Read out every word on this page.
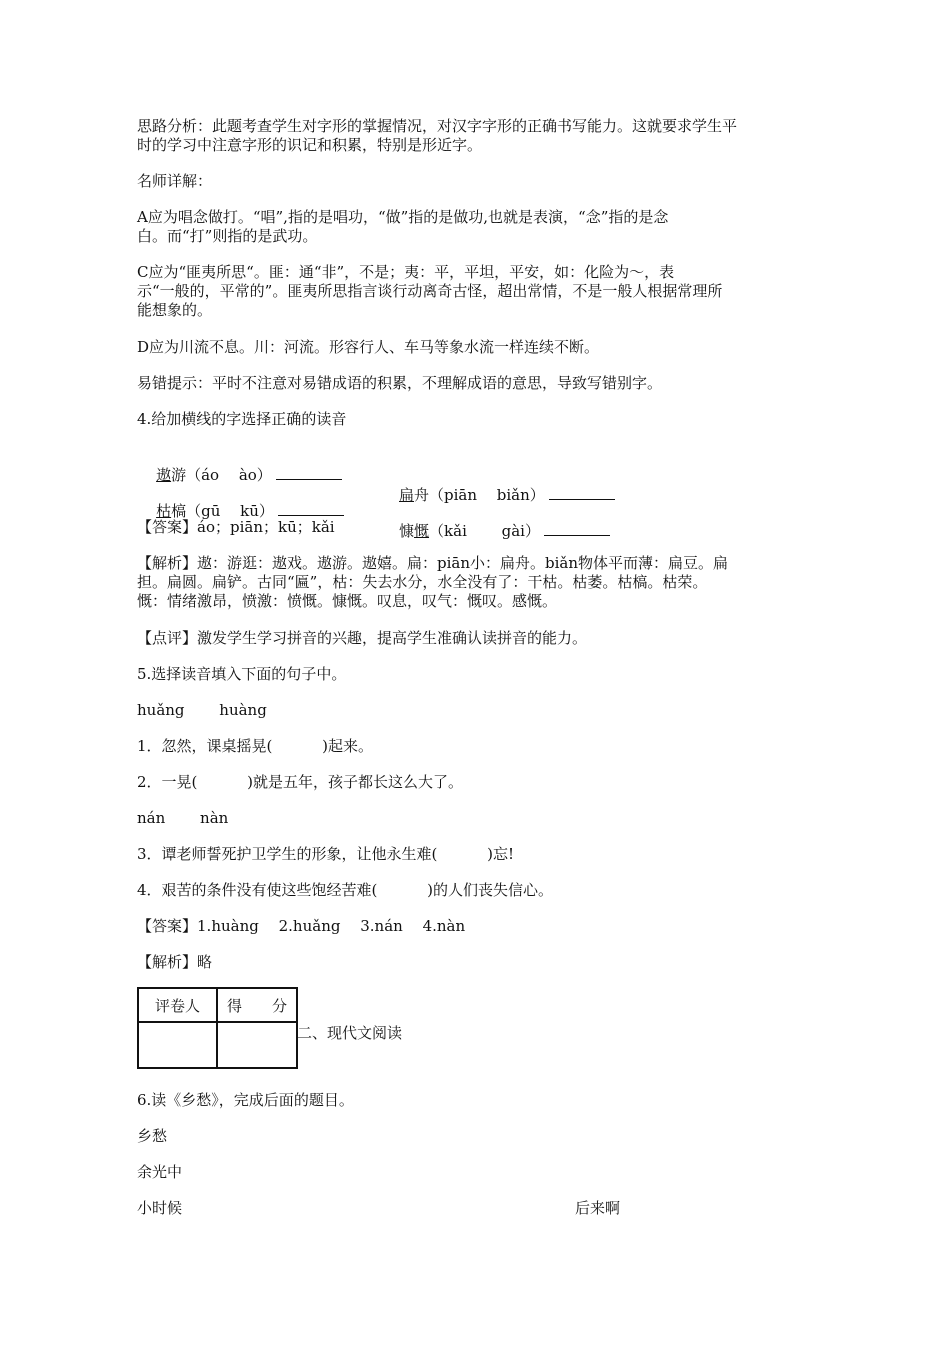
思路分析：此题考查学生对字形的掌握情况，对汉字字形的正确书写能力。这就要求学生平
时的学习中注意字形的识记和积累，特别是形近字。
名师详解：
A应为唱念做打。“唱”,指的是唱功，“做”指的是做功,也就是表演，“念”指的是念
白。而“打”则指的是武功。
C应为“匪夷所思“。匪：通“非”，不是；夷：平，平坦，平安，如：化险为～，表
示“一般的，平常的”。匪夷所思指言谈行动离奇古怪，超出常情，不是一般人根据常理所
能想象的。
D应为川流不息。川：河流。形容行人、车马等象水流一样连续不断。
易错提示：平时不注意对易错成语的积累，不理解成语的意思，导致写错别字。
4.给加横线的字选择正确的读音

遨游（áo　 ào）

扁舟（piān　 biǎn）

枯槁（gū　 kū）

慷慨（kǎi　　 gài）

【答案】áo；piān；kū；kǎi
【解析】遨：游逛：遨戏。遨游。遨嬉。扁：piān小：扁舟。biǎn物体平而薄：扁豆。扁
担。扁圆。扁铲。古同“匾”，枯：失去水分，水全没有了：干枯。枯萎。枯槁。枯荣。
慨：情绪激昂，愤激：愤慨。慷慨。叹息，叹气：慨叹。感慨。
【点评】激发学生学习拼音的兴趣，提高学生准确认读拼音的能力。
5.选择读音填入下面的句子中。
huǎng　　 huàng
1．忽然，课桌摇晃(　　　 )起来。
2．一晃(　　　 )就是五年，孩子都长这么大了。
nán　　 nàn
3．谭老师誓死护卫学生的形象，让他永生难(　　　 )忘!
4．艰苦的条件没有使这些饱经苦难(　　　 )的人们丧失信心。
【答案】1.huàng　 2.huǎng　 3.nán　 4.nàn
【解析】略
评卷人	得　　分

二、现代文阅读
6.读《乡愁》，完成后面的题目。
乡愁
余光中
小时候	后来啊
